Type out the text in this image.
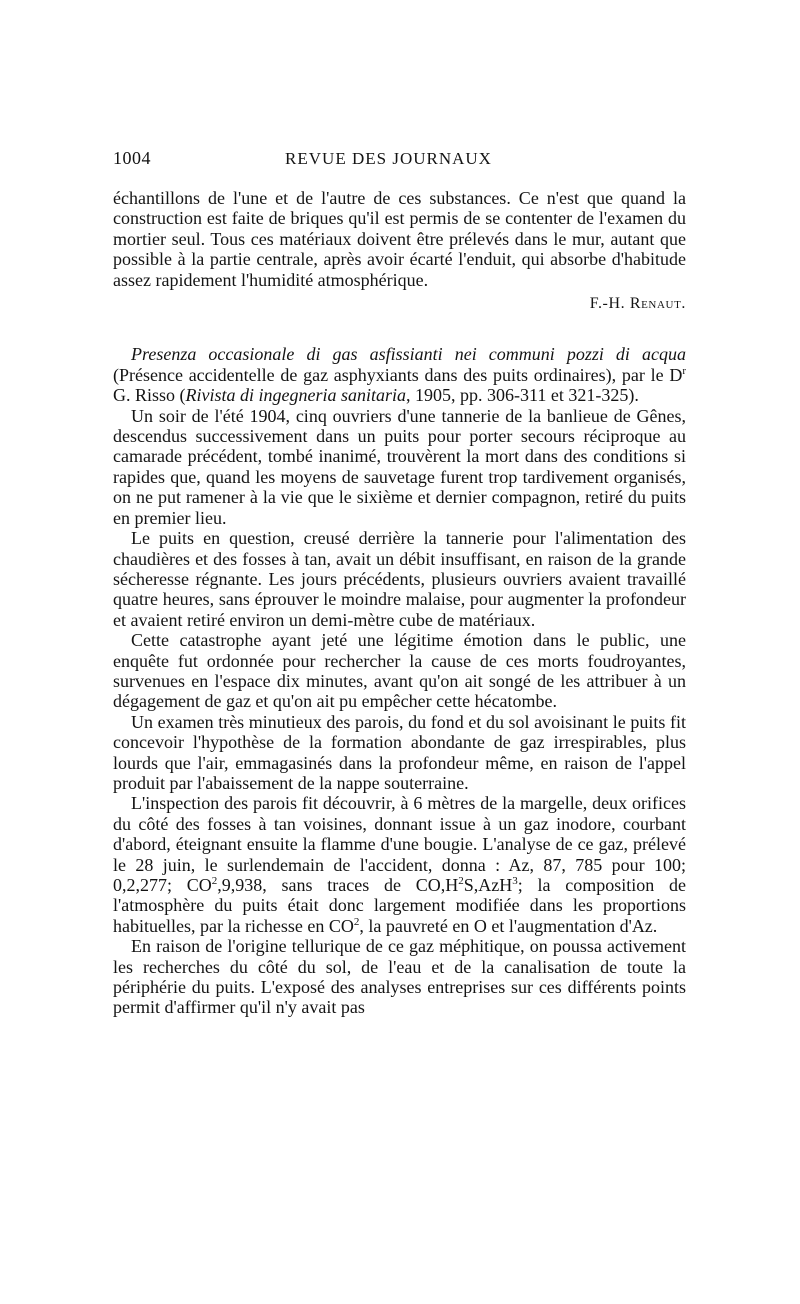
1004	REVUE DES JOURNAUX

échantillons de l'une et de l'autre de ces substances. Ce n'est que quand la construction est faite de briques qu'il est permis de se contenter de l'examen du mortier seul. Tous ces matériaux doivent être prélevés dans le mur, autant que possible à la partie centrale, après avoir écarté l'enduit, qui absorbe d'habitude assez rapidement l'humidité atmosphérique.

F.-H. Renaut.

Presenza occasionale di gas asfissianti nei communi pozzi di acqua (Présence accidentelle de gaz asphyxiants dans des puits ordinaires), par le $D^r$ G. Risso (Rivista di ingegneria sanitaria, 1905, pp. 306-311 et 321-325).

Un soir de l'été 1904, cinq ouvriers d'une tannerie de la banlieue de Gênes, descendus successivement dans un puits pour porter secours réciproque au camarade précédent, tombé inanimé, trouvèrent la mort dans des conditions si rapides que, quand les moyens de sauvetage furent trop tardivement organisés, on ne put ramener à la vie que le sixième et dernier compagnon, retiré du puits en premier lieu.

Le puits en question, creusé derrière la tannerie pour l'alimentation des chaudières et des fosses à tan, avait un débit insuffisant, en raison de la grande sécheresse régnante. Les jours précédents, plusieurs ouvriers avaient travaillé quatre heures, sans éprouver le moindre malaise, pour augmenter la profondeur et avaient retiré environ un demi-mètre cube de matériaux.

Cette catastrophe ayant jeté une légitime émotion dans le public, une enquête fut ordonnée pour rechercher la cause de ces morts foudroyantes, survenues en l'espace dix minutes, avant qu'on ait songé de les attribuer à un dégagement de gaz et qu'on ait pu empêcher cette hécatombe.

Un examen très minutieux des parois, du fond et du sol avoisinant le puits fit concevoir l'hypothèse de la formation abondante de gaz irrespirables, plus lourds que l'air, emmagasinés dans la profondeur même, en raison de l'appel produit par l'abaissement de la nappe souterraine.

L'inspection des parois fit découvrir, à 6 mètres de la margelle, deux orifices du côté des fosses à tan voisines, donnant issue à un gaz inodore, courbant d'abord, éteignant ensuite la flamme d'une bougie. L'analyse de ce gaz, prélevé le 28 juin, le surlendemain de l'accident, donna : Az, 87, 785 pour 100; 0,2,277; $CO^2,9,938$, sans traces de $CO,H^2S,AzH^3$; la composition de l'atmosphère du puits était donc largement modifiée dans les proportions habituelles, par la richesse en $CO^2$, la pauvreté en O et l'augmentation d'Az.

En raison de l'origine tellurique de ce gaz méphitique, on poussa activement les recherches du côté du sol, de l'eau et de la canalisation de toute la périphérie du puits. L'exposé des analyses entreprises sur ces différents points permit d'affirmer qu'il n'y avait pas
